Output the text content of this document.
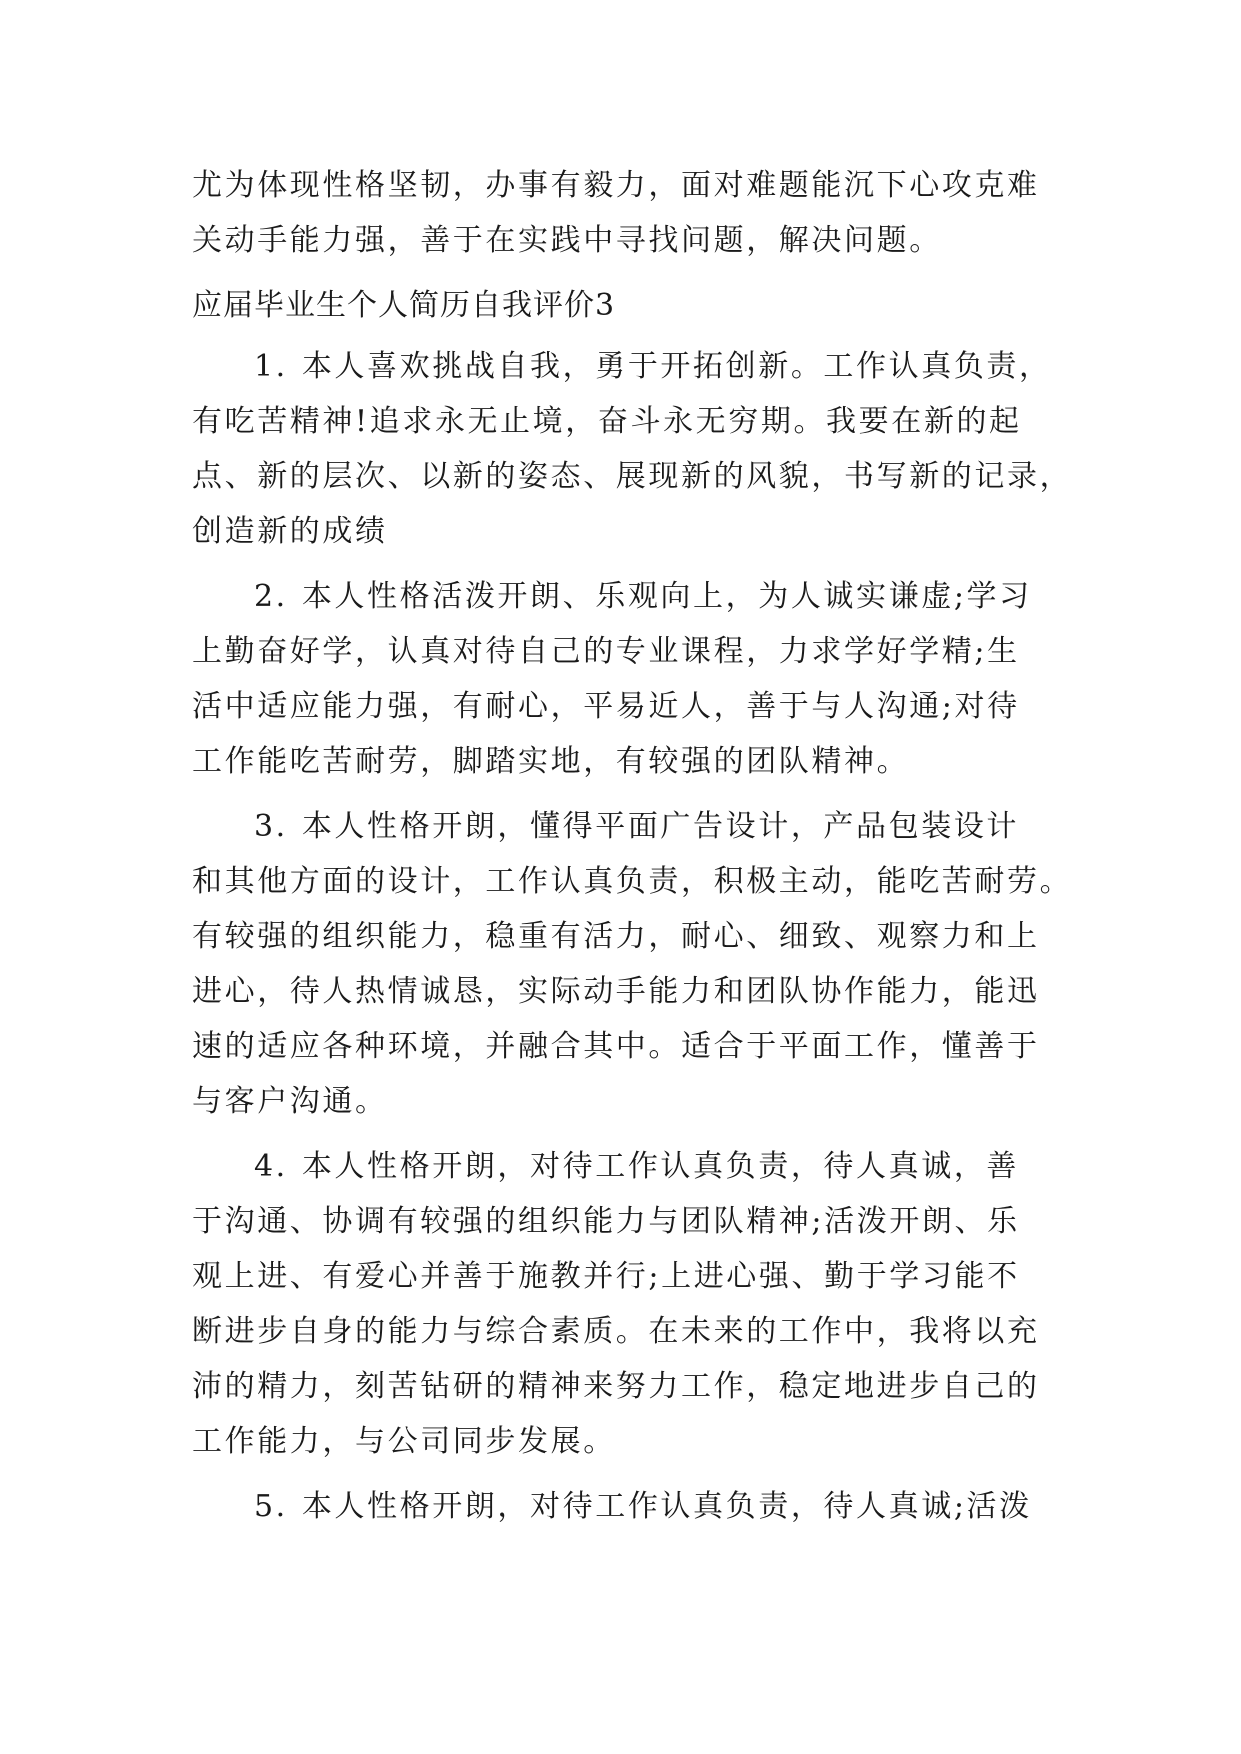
尤为体现性格坚韧，办事有毅力，面对难题能沉下心攻克难
关动手能力强，善于在实践中寻找问题，解决问题。
应届毕业生个人简历自我评价3
1. 本人喜欢挑战自我，勇于开拓创新。工作认真负责，
有吃苦精神!追求永无止境，奋斗永无穷期。我要在新的起
点、新的层次、以新的姿态、展现新的风貌，书写新的记录，
创造新的成绩
2. 本人性格活泼开朗、乐观向上，为人诚实谦虚;学习
上勤奋好学，认真对待自己的专业课程，力求学好学精;生
活中适应能力强，有耐心，平易近人，善于与人沟通;对待
工作能吃苦耐劳，脚踏实地，有较强的团队精神。
3. 本人性格开朗，懂得平面广告设计，产品包装设计
和其他方面的设计，工作认真负责，积极主动，能吃苦耐劳。
有较强的组织能力，稳重有活力，耐心、细致、观察力和上
进心，待人热情诚恳，实际动手能力和团队协作能力，能迅
速的适应各种环境，并融合其中。适合于平面工作，懂善于
与客户沟通。
4. 本人性格开朗，对待工作认真负责，待人真诚，善
于沟通、协调有较强的组织能力与团队精神;活泼开朗、乐
观上进、有爱心并善于施教并行;上进心强、勤于学习能不
断进步自身的能力与综合素质。在未来的工作中，我将以充
沛的精力，刻苦钻研的精神来努力工作，稳定地进步自己的
工作能力，与公司同步发展。
5. 本人性格开朗，对待工作认真负责，待人真诚;活泼
